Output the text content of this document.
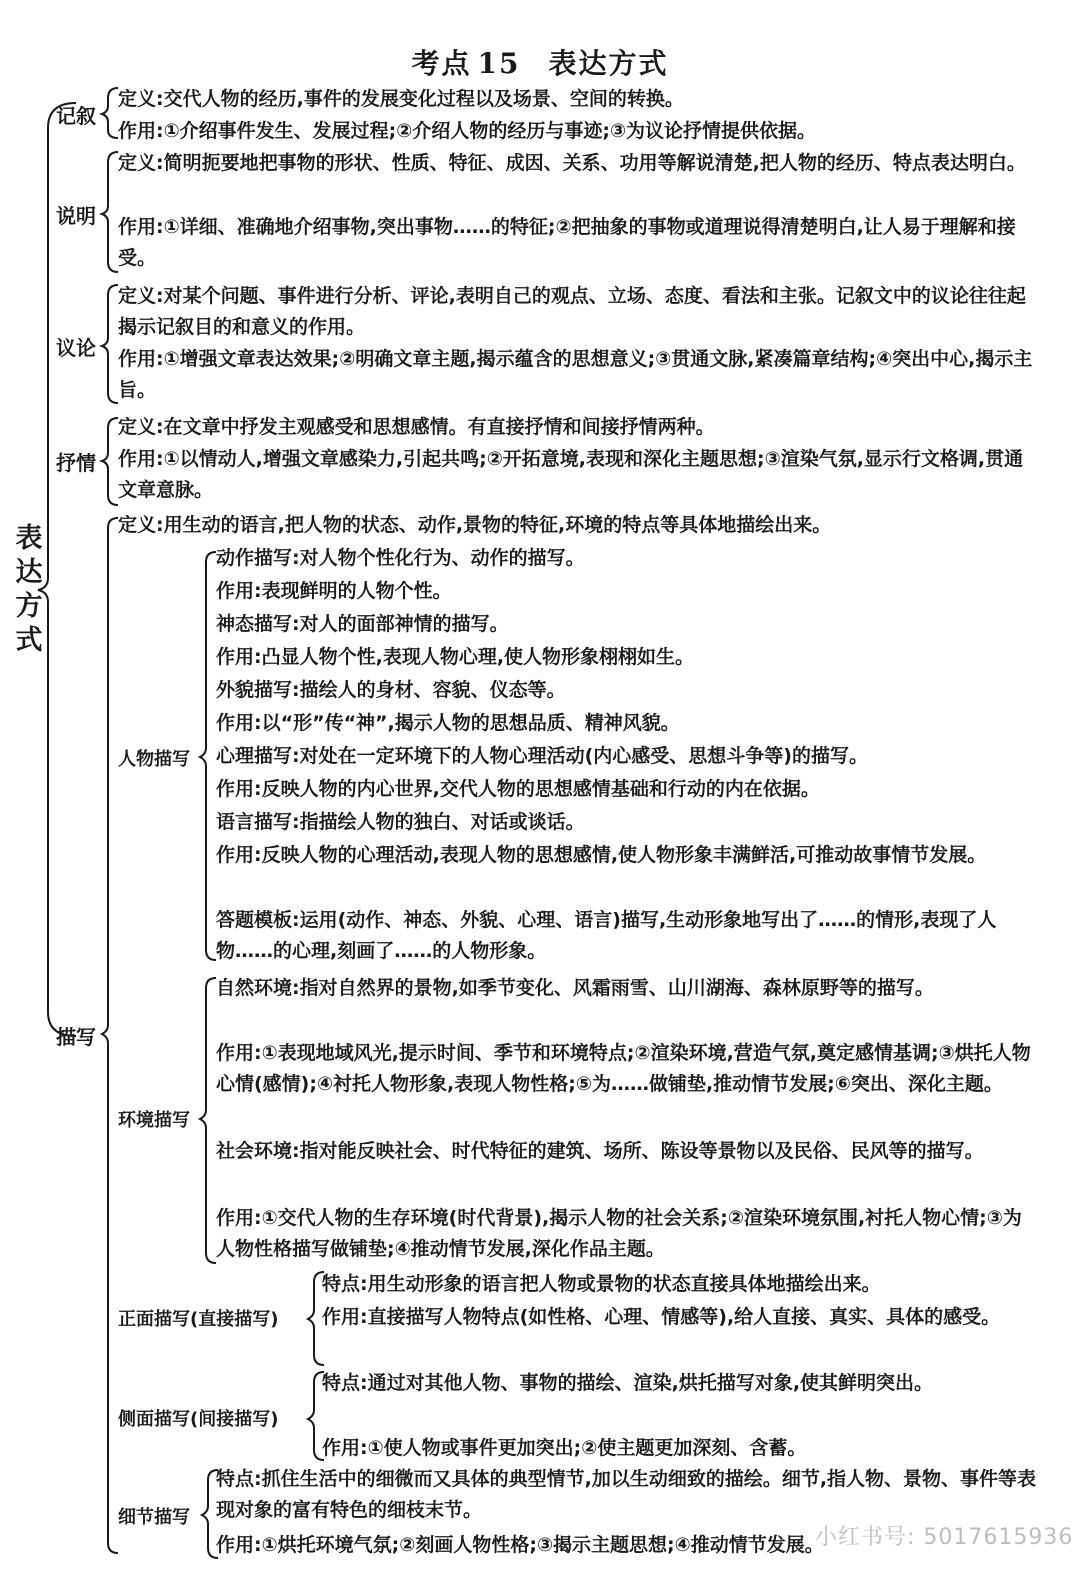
考点 15 表达方式
表达方式
记叙
定义:交代人物的经历,事件的发展变化过程以及场景、空间的转换。
作用:①介绍事件发生、发展过程;②介绍人物的经历与事迹;③为议论抒情提供依据。
说明
定义:简明扼要地把事物的形状、性质、特征、成因、关系、功用等解说清楚,把人物的经历、特点表达明白。
作用:①详细、准确地介绍事物,突出事物……的特征;②把抽象的事物或道理说得清楚明白,让人易于理解和接受。
议论
定义:对某个问题、事件进行分析、评论,表明自己的观点、立场、态度、看法和主张。记叙文中的议论往往起揭示记叙目的和意义的作用。
作用:①增强文章表达效果;②明确文章主题,揭示蕴含的思想意义;③贯通文脉,紧凑篇章结构;④突出中心,揭示主旨。
抒情
定义:在文章中抒发主观感受和思想感情。有直接抒情和间接抒情两种。
作用:①以情动人,增强文章感染力,引起共鸣;②开拓意境,表现和深化主题思想;③渲染气氛,显示行文格调,贯通文章意脉。
描写
定义:用生动的语言,把人物的状态、动作,景物的特征,环境的特点等具体地描绘出来。
人物描写
动作描写:对人物个性化行为、动作的描写。
作用:表现鲜明的人物个性。
神态描写:对人的面部神情的描写。
作用:凸显人物个性,表现人物心理,使人物形象栩栩如生。
外貌描写:描绘人的身材、容貌、仪态等。
作用:以“形”传“神”,揭示人物的思想品质、精神风貌。
心理描写:对处在一定环境下的人物心理活动(内心感受、思想斗争等)的描写。
作用:反映人物的内心世界,交代人物的思想感情基础和行动的内在依据。
语言描写:指描绘人物的独白、对话或谈话。
作用:反映人物的心理活动,表现人物的思想感情,使人物形象丰满鲜活,可推动故事情节发展。
答题模板:运用(动作、神态、外貌、心理、语言)描写,生动形象地写出了……的情形,表现了人物……的心理,刻画了……的人物形象。
环境描写
自然环境:指对自然界的景物,如季节变化、风霜雨雪、山川湖海、森林原野等的描写。
作用:①表现地域风光,提示时间、季节和环境特点;②渲染环境,营造气氛,奠定感情基调;③烘托人物心情(感情);④衬托人物形象,表现人物性格;⑤为……做铺垫,推动情节发展;⑥突出、深化主题。
社会环境:指对能反映社会、时代特征的建筑、场所、陈设等景物以及民俗、民风等的描写。
作用:①交代人物的生存环境(时代背景),揭示人物的社会关系;②渲染环境氛围,衬托人物心情;③为人物性格描写做铺垫;④推动情节发展,深化作品主题。
正面描写(直接描写)
特点:用生动形象的语言把人物或景物的状态直接具体地描绘出来。
作用:直接描写人物特点(如性格、心理、情感等),给人直接、真实、具体的感受。
侧面描写(间接描写)
特点:通过对其他人物、事物的描绘、渲染,烘托描写对象,使其鲜明突出。
作用:①使人物或事件更加突出;②使主题更加深刻、含蓄。
细节描写
特点:抓住生活中的细微而又具体的典型情节,加以生动细致的描绘。细节,指人物、景物、事件等表现对象的富有特色的细枝末节。
作用:①烘托环境气氛;②刻画人物性格;③揭示主题思想;④推动情节发展。
小红书号: 5017615936
